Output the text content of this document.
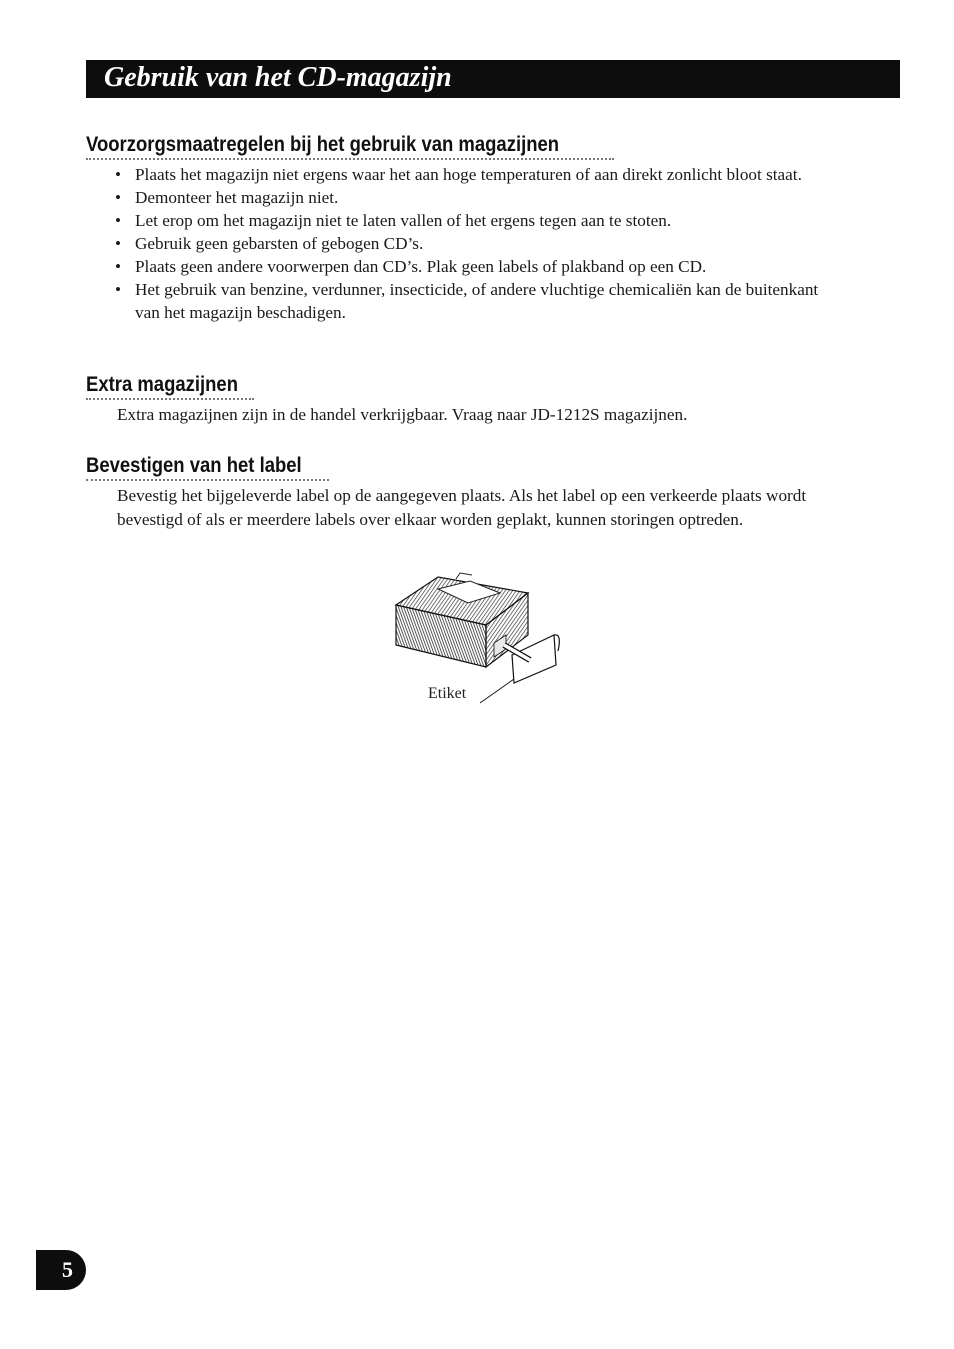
Gebruik van het CD-magazijn
Voorzorgsmaatregelen bij het gebruik van magazijnen
• Plaats het magazijn niet ergens waar het aan hoge temperaturen of aan direkt zonlicht bloot staat.
• Demonteer het magazijn niet.
• Let erop om het magazijn niet te laten vallen of het ergens tegen aan te stoten.
• Gebruik geen gebarsten of gebogen CD’s.
• Plaats geen andere voorwerpen dan CD’s. Plak geen labels of plakband op een CD.
• Het gebruik van benzine, verdunner, insecticide, of andere vluchtige chemicaliën kan de buitenkant van het magazijn beschadigen.
Extra magazijnen

Extra magazijnen zijn in de handel verkrijgbaar. Vraag naar JD-1212S magazijnen.

Bevestigen van het label

Bevestig het bijgeleverde label op de aangegeven plaats. Als het label op een verkeerde plaats wordt bevestigd of als er meerdere labels over elkaar worden geplakt, kunnen storingen optreden.

Etiket
5
